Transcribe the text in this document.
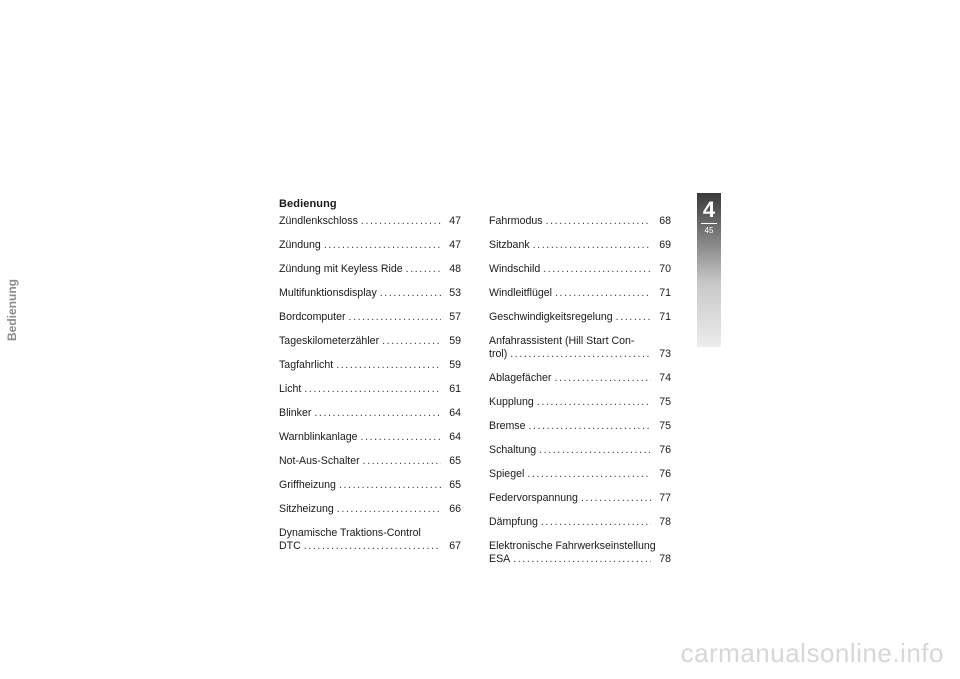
Bedienung
Zündlenkschloss .....	47
Zündung .....	47
Zündung mit Keyless Ride .....	48
Multifunktionsdisplay .....	53
Bordcomputer .....	57
Tageskilometerzähler .....	59
Tagfahrlicht .....	59
Licht .....	61
Blinker .....	64
Warnblinkanlage .....	64
Not-Aus-Schalter .....	65
Griffheizung .....	65
Sitzheizung .....	66
Dynamische Traktions-Control
DTC .....	67
Fahrmodus .....	68
Sitzbank .....	69
Windschild .....	70
Windleitflügel .....	71
Geschwindigkeitsregelung .....	71
Anfahrassistent (Hill Start Con-
trol) .....	73
Ablagefächer .....	74
Kupplung .....	75
Bremse .....	75
Schaltung .....	76
Spiegel .....	76
Federvorspannung .....	77
Dämpfung .....	78
Elektronische Fahrwerkseinstellung
ESA .....	78
4
45
Bedienung
carmanualsonline.info
